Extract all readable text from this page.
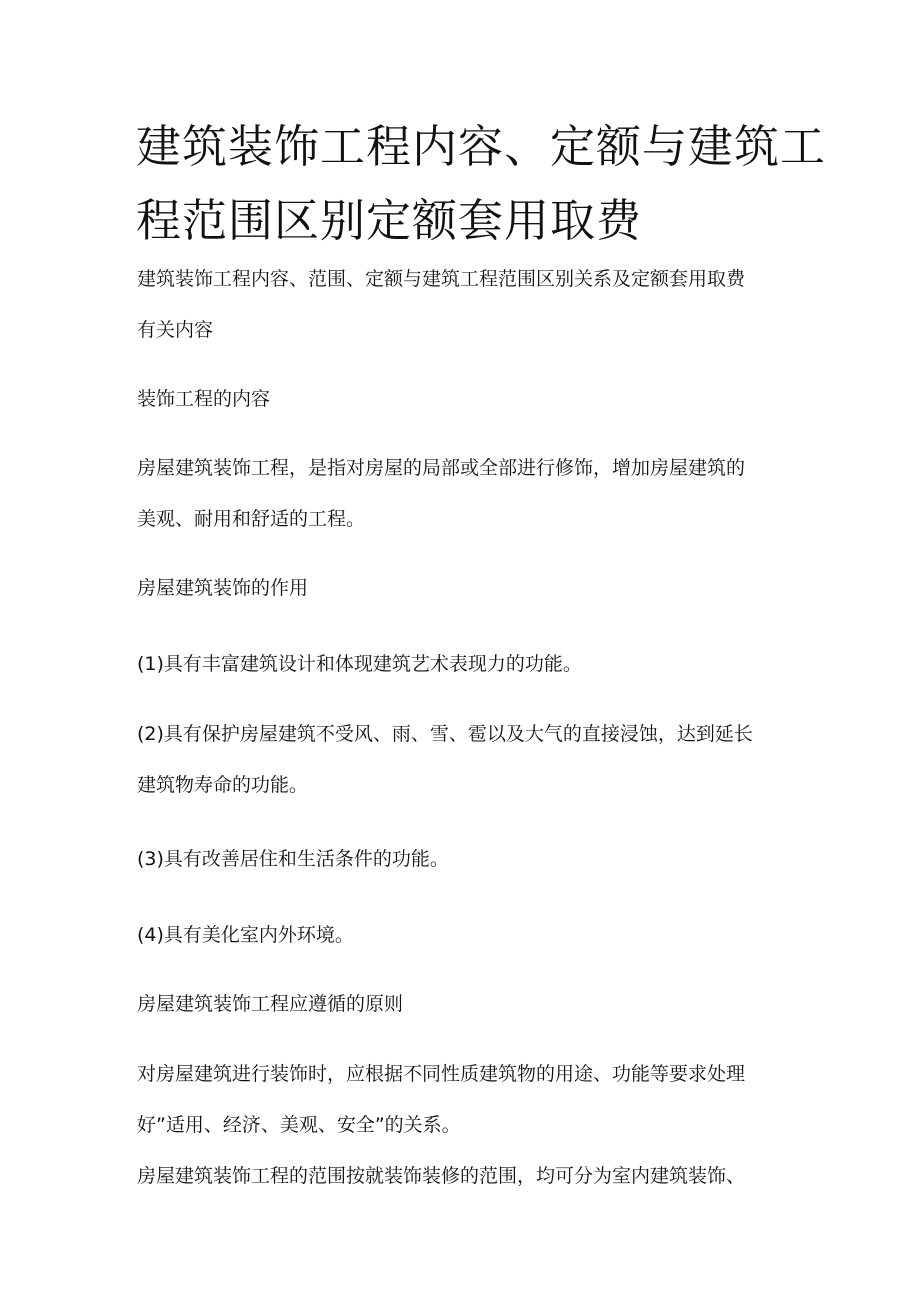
建筑装饰工程内容、定额与建筑工
程范围区别定额套用取费

建筑装饰工程内容、范围、定额与建筑工程范围区别关系及定额套用取费
有关内容

装饰工程的内容

房屋建筑装饰工程，是指对房屋的局部或全部进行修饰，增加房屋建筑的
美观、耐用和舒适的工程。

房屋建筑装饰的作用

(1)具有丰富建筑设计和体现建筑艺术表现力的功能。

(2)具有保护房屋建筑不受风、雨、雪、雹以及大气的直接浸蚀，达到延长
建筑物寿命的功能。

(3)具有改善居住和生活条件的功能。

(4)具有美化室内外环境。

房屋建筑装饰工程应遵循的原则

对房屋建筑进行装饰时，应根据不同性质建筑物的用途、功能等要求处理
好”适用、经济、美观、安全”的关系。

房屋建筑装饰工程的范围按就装饰装修的范围，均可分为室内建筑装饰、
